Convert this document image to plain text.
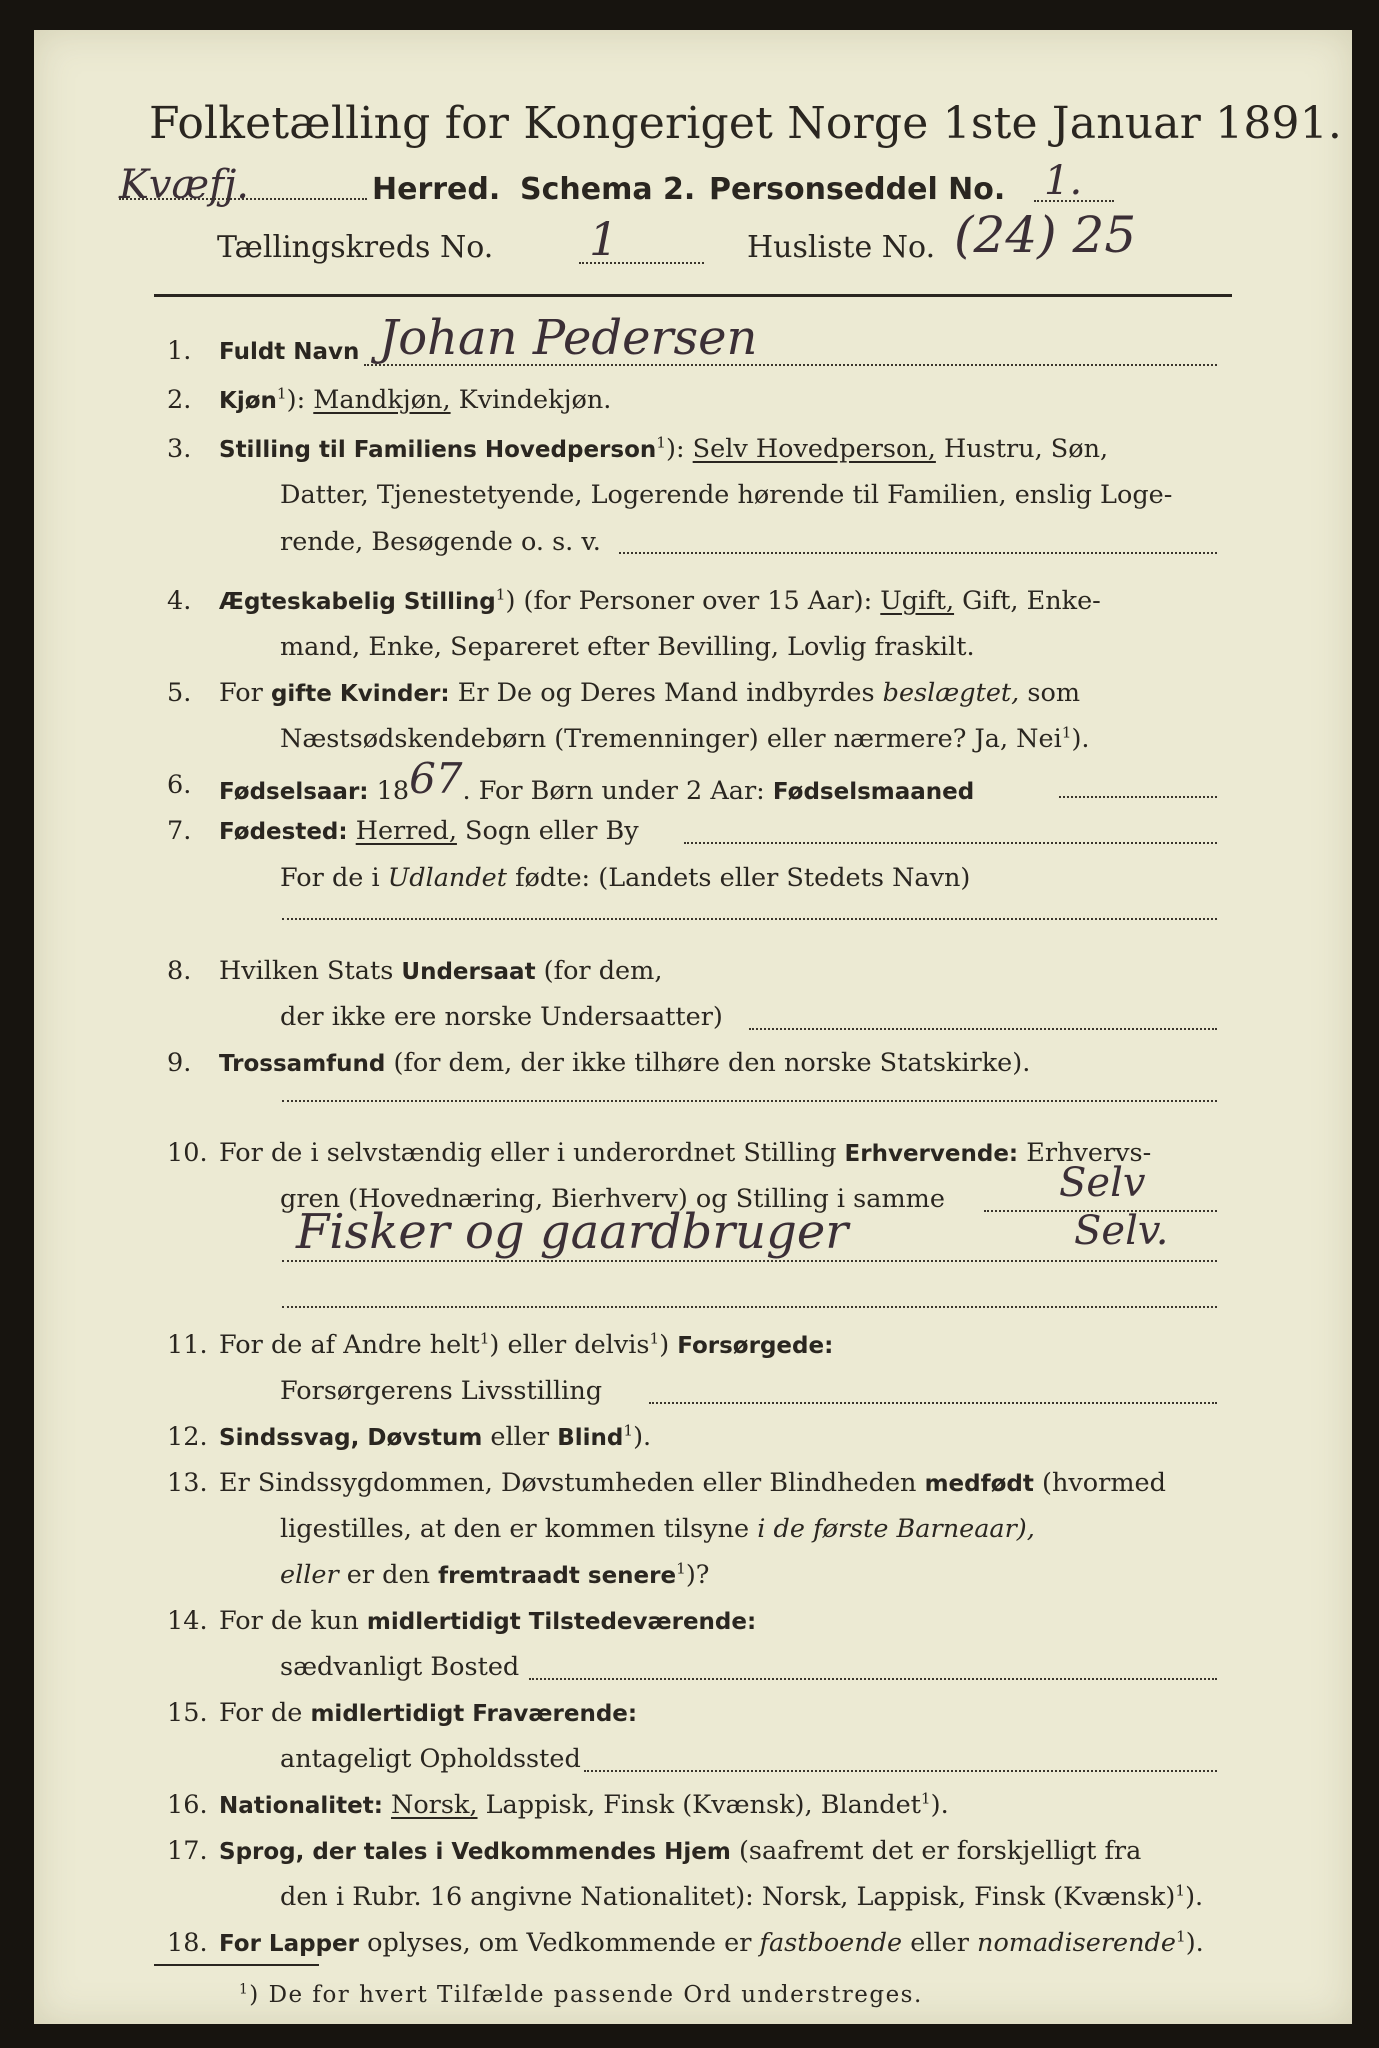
Folketælling for Kongeriget Norge 1ste Januar 1891.
Kvæfj.	Herred. Schema 2. Personseddel No. 1.
Tællingskreds No. 1	Husliste No. (24) 25
1.	Fuldt Navn Johan Pedersen
2.	Kjøn$^1$): Mandkjøn, Kvindekjøn.
3.	Stilling til Familiens Hovedperson$^1$): Selv Hovedperson, Hustru, Søn,
Datter, Tjenestetyende, Logerende hørende til Familien, enslig Loge-
rende, Besøgende o. s. v.
4.	Ægteskabelig Stilling$^1$) (for Personer over 15 Aar): Ugift, Gift, Enke-
mand, Enke, Separeret efter Bevilling, Lovlig fraskilt.
5.	For gifte Kvinder: Er De og Deres Mand indbyrdes beslægtet, som
Næstsødskendebørn (Tremenninger) eller nærmere? Ja, Nei$^1$).
6.	Fødselsaar: 1867. For Børn under 2 Aar: Fødselsmaaned
7.	Fødested: Herred, Sogn eller By
For de i Udlandet fødte: (Landets eller Stedets Navn)
8.	Hvilken Stats Undersaat (for dem,
der ikke ere norske Undersaatter)
9.	Trossamfund (for dem, der ikke tilhøre den norske Statskirke).
10. For de i selvstændig eller i underordnet Stilling Erhvervende: Erhvervs-
gren (Hovednæring, Bierhverv) og Stilling i samme	Selv
Fisker og gaardbruger	Selv.
11. For de af Andre helt$^1$) eller delvis$^1$) Forsørgede:
Forsørgerens Livsstilling
12. Sindssvag, Døvstum eller Blind$^1$).
13. Er Sindssygdommen, Døvstumheden eller Blindheden medfødt (hvormed
ligestilles, at den er kommen tilsyne i de første Barneaar),
eller er den fremtraadt senere$^1$)?
14. For de kun midlertidigt Tilstedeværende:
sædvanligt Bosted
15. For de midlertidigt Fraværende:
antageligt Opholdssted
16. Nationalitet: Norsk, Lappisk, Finsk (Kvænsk), Blandet$^1$).
17. Sprog, der tales i Vedkommendes Hjem (saafremt det er forskjelligt fra
den i Rubr. 16 angivne Nationalitet): Norsk, Lappisk, Finsk (Kvænsk)$^1$).
18. For Lapper oplyses, om Vedkommende er fastboende eller nomadiserende$^1$).
$^1$) De for hvert Tilfælde passende Ord understreges.
